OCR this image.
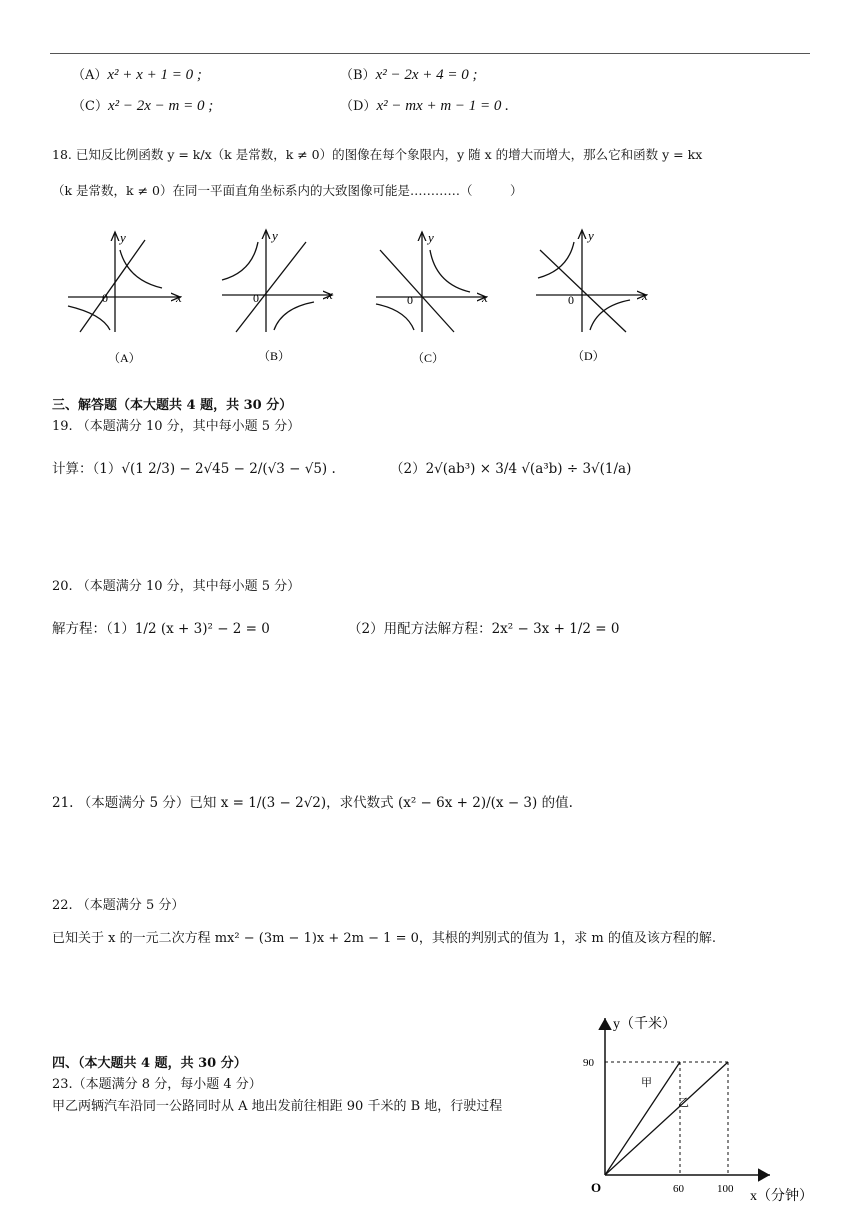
（A）x² + x + 1 = 0 ;	（B）x² − 2x + 4 = 0 ;
（C）x² − 2x − m = 0 ;	（D）x² − mx + m − 1 = 0 .
18. 已知反比例函数 y = k/x（k 是常数，k ≠ 0）的图像在每个象限内，y 随 x 的增大而增大，那么它和函数 y = kx
（k 是常数，k ≠ 0）在同一平面直角坐标系内的大致图像可能是…………（　　　）
y
x
0
（A）
y
x
0
（B）
y
x
0
（C）
y
x
0
（D）
三、解答题（本大题共 4 题，共 30 分）
19. （本题满分 10 分，其中每小题 5 分）
计算：（1）√(1 2/3) − 2√45 − 2/(√3 − √5) .	（2）2√(ab³) × 3/4 √(a³b) ÷ 3√(1/a)
20. （本题满分 10 分，其中每小题 5 分）
解方程：（1）1/2 (x + 3)² − 2 = 0	（2）用配方法解方程：2x² − 3x + 1/2 = 0
21. （本题满分 5 分）已知 x = 1/(3 − 2√2)，求代数式 (x² − 6x + 2)/(x − 3) 的值.
22. （本题满分 5 分）
已知关于 x 的一元二次方程 mx² − (3m − 1)x + 2m − 1 = 0，其根的判别式的值为 1，求 m 的值及该方程的解.
四、（本大题共 4 题，共 30 分）
23.（本题满分 8 分，每小题 4 分）
甲乙两辆汽车沿同一公路同时从 A 地出发前往相距 90 千米的 B 地，行驶过程
y（千米）
x（分钟）
O
90
60	100
甲
乙
